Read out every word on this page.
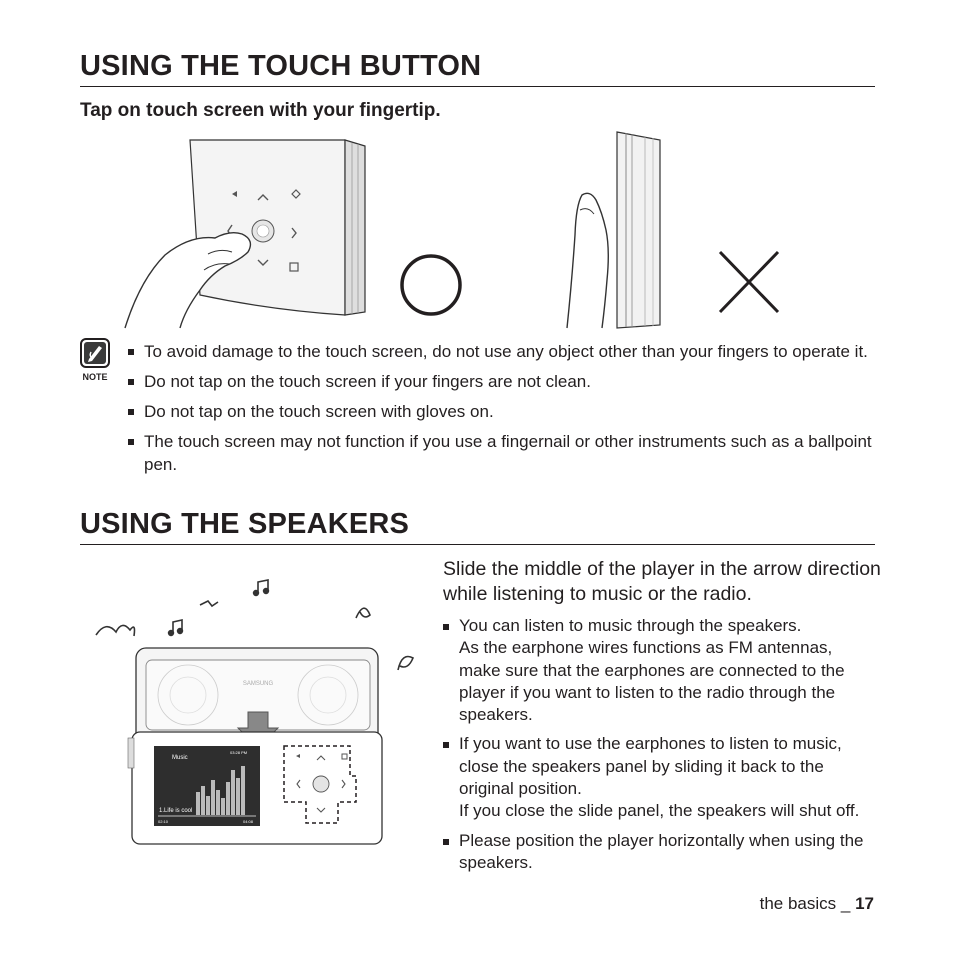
USING THE TOUCH BUTTON

Tap on touch screen with your fingertip.

NOTE
To avoid damage to the touch screen, do not use any object other than your fingers to operate it.
Do not tap on the touch screen if your fingers are not clean.
Do not tap on the touch screen with gloves on.
The touch screen may not function if you use a fingernail or other instruments such as a ballpoint pen.
USING THE SPEAKERS
SAMSUNG
Music
03:28 PM
1.Life is cool
02:10	04:08

Slide the middle of the player in the arrow direction while listening to music or the radio.

You can listen to music through the speakers.
As the earphone wires functions as FM antennas, make sure that the earphones are connected to the player if you want to listen to the radio through the speakers.
If you want to use the earphones to listen to music, close the speakers panel by sliding it back to the original position.
If you close the slide panel, the speakers will shut off.
Please position the player horizontally when using the speakers.
the basics _ 17
